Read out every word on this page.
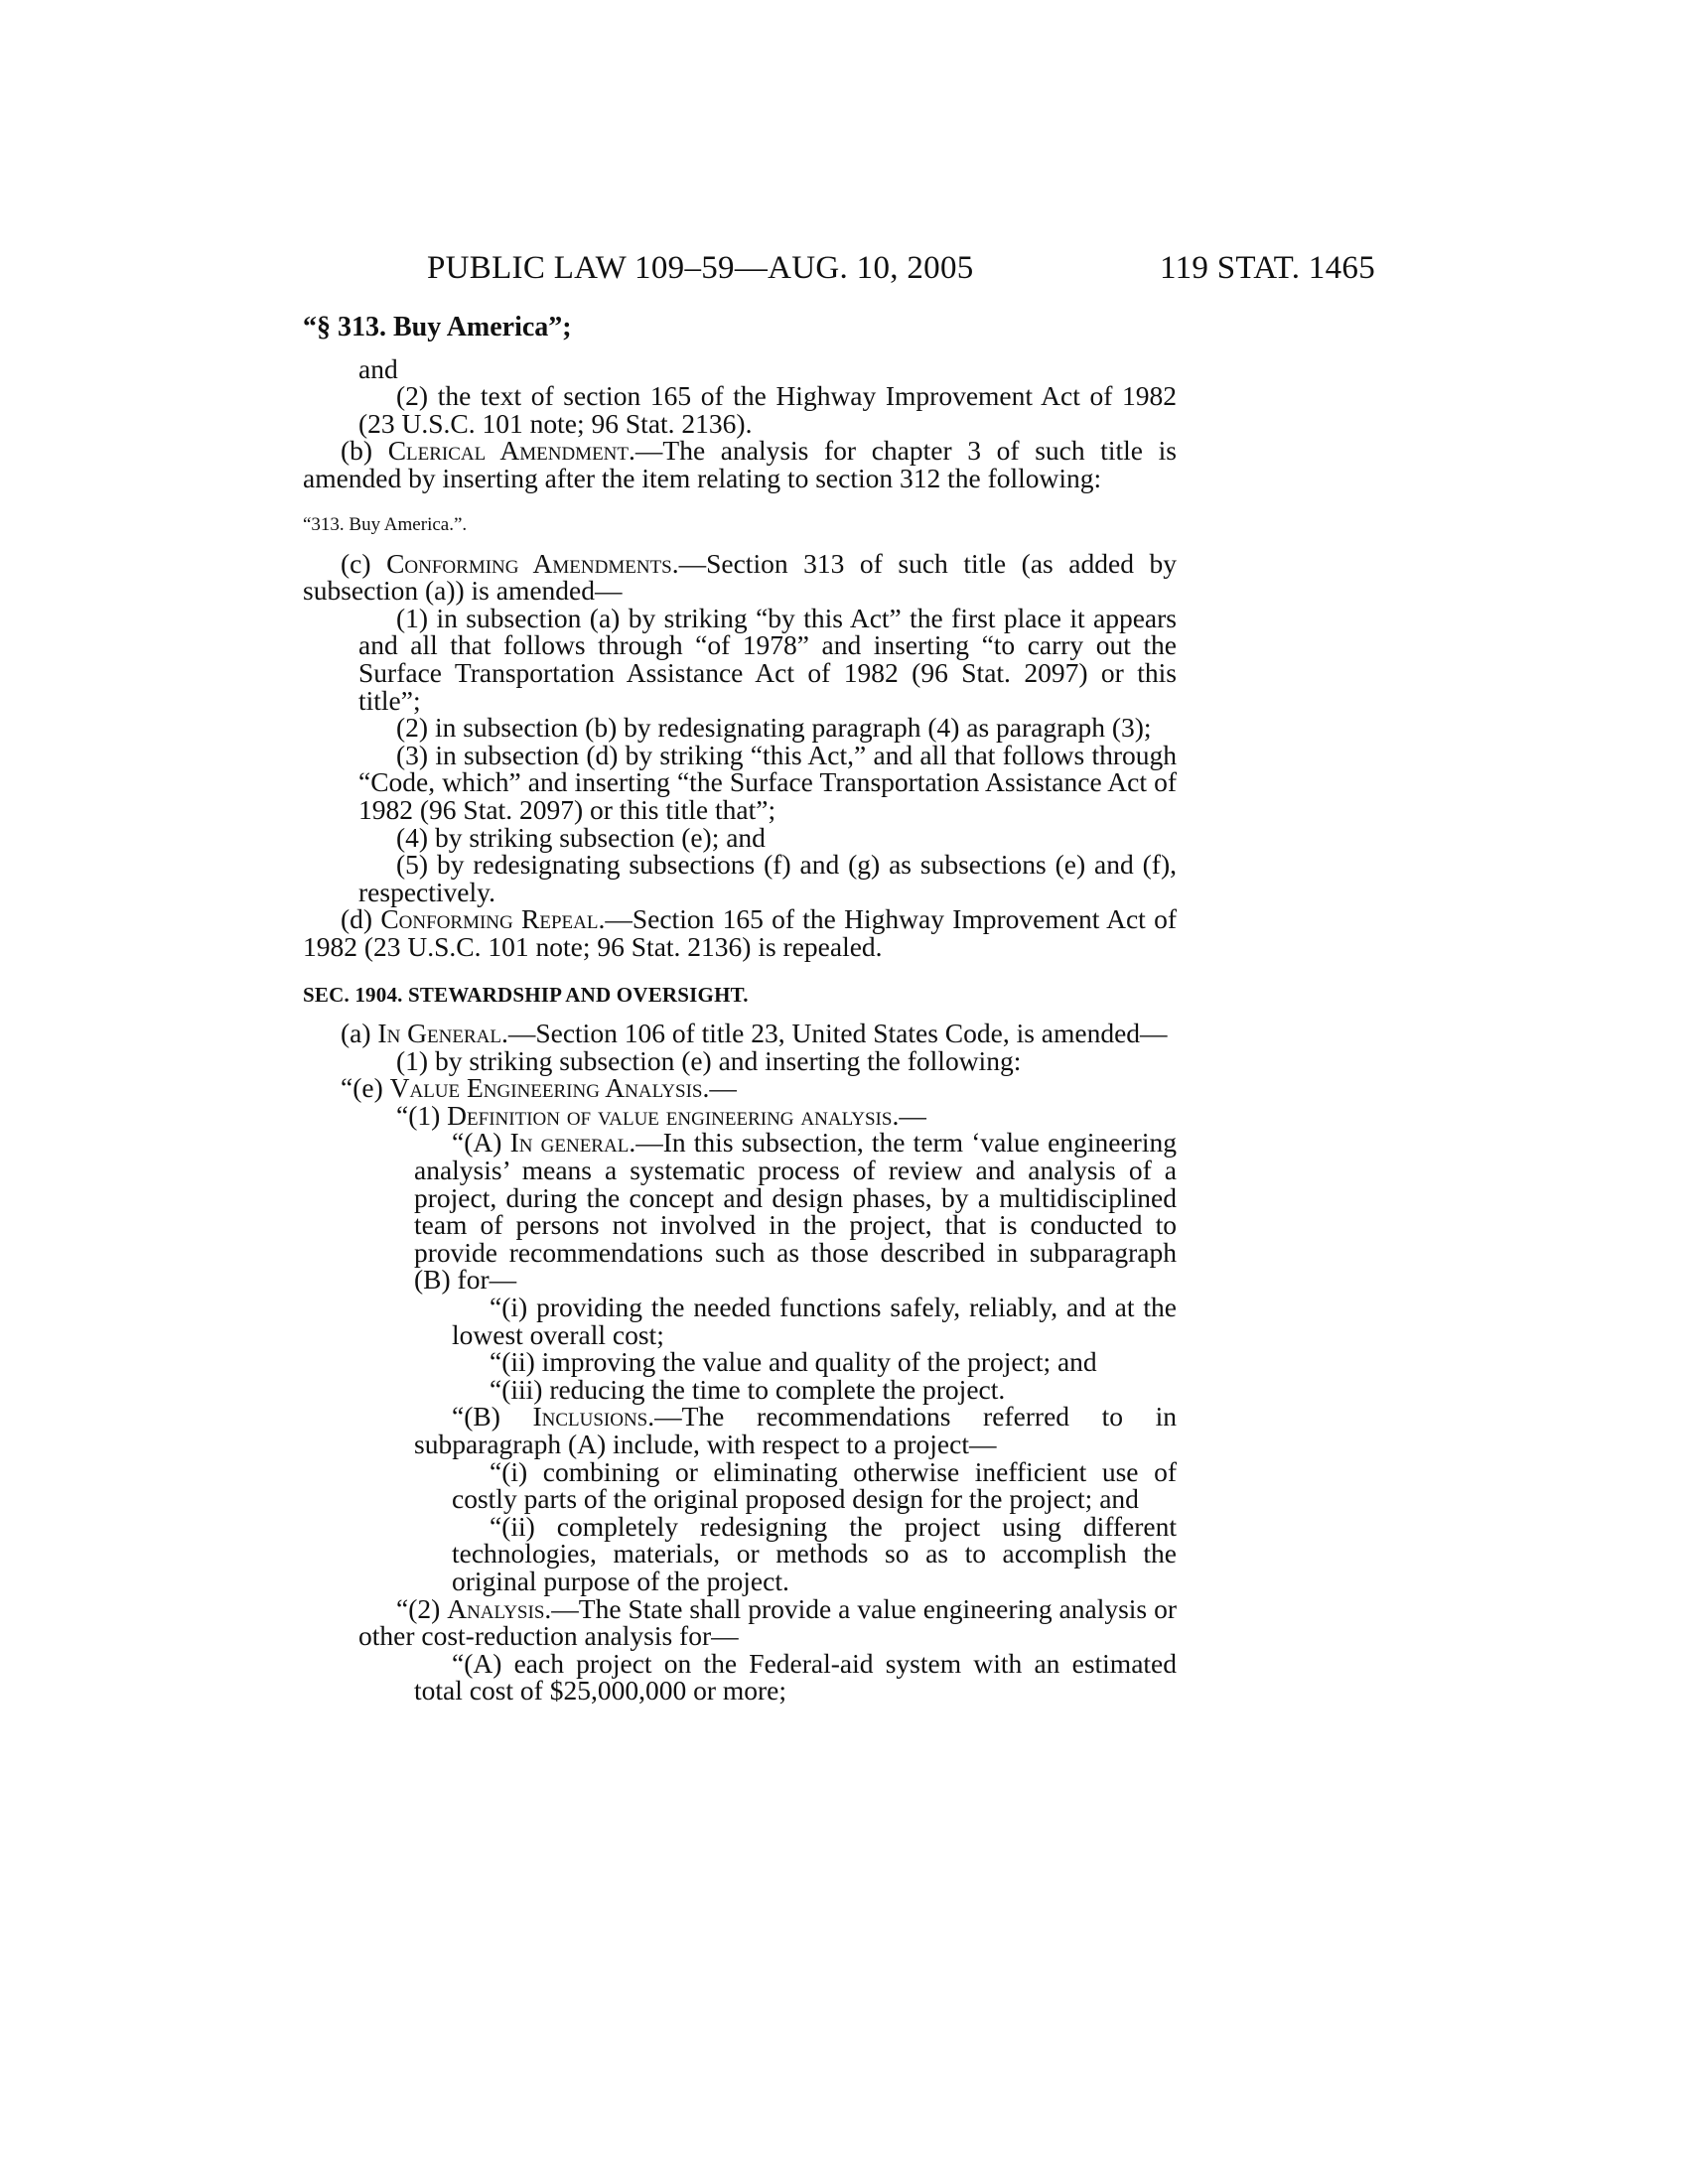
PUBLIC LAW 109–59—AUG. 10, 2005	119 STAT. 1465
“§ 313. Buy America”;
and
(2) the text of section 165 of the Highway Improvement Act of 1982 (23 U.S.C. 101 note; 96 Stat. 2136).
(b) Clerical Amendment.—The analysis for chapter 3 of such title is amended by inserting after the item relating to section 312 the following:
“313. Buy America.”.
(c) Conforming Amendments.—Section 313 of such title (as added by subsection (a)) is amended—
(1) in subsection (a) by striking “by this Act” the first place it appears and all that follows through “of 1978” and inserting “to carry out the Surface Transportation Assistance Act of 1982 (96 Stat. 2097) or this title”;
(2) in subsection (b) by redesignating paragraph (4) as paragraph (3);
(3) in subsection (d) by striking “this Act,” and all that follows through “Code, which” and inserting “the Surface Transportation Assistance Act of 1982 (96 Stat. 2097) or this title that”;
(4) by striking subsection (e); and
(5) by redesignating subsections (f) and (g) as subsections (e) and (f), respectively.
(d) Conforming Repeal.—Section 165 of the Highway Improvement Act of 1982 (23 U.S.C. 101 note; 96 Stat. 2136) is repealed.
SEC. 1904. STEWARDSHIP AND OVERSIGHT.
(a) In General.—Section 106 of title 23, United States Code, is amended—
(1) by striking subsection (e) and inserting the following:
“(e) Value Engineering Analysis.—
“(1) Definition of value engineering analysis.—
“(A) In general.—In this subsection, the term ‘value engineering analysis’ means a systematic process of review and analysis of a project, during the concept and design phases, by a multidisciplined team of persons not involved in the project, that is conducted to provide recommendations such as those described in subparagraph (B) for—
“(i) providing the needed functions safely, reliably, and at the lowest overall cost;
“(ii) improving the value and quality of the project; and
“(iii) reducing the time to complete the project.
“(B) Inclusions.—The recommendations referred to in subparagraph (A) include, with respect to a project—
“(i) combining or eliminating otherwise inefficient use of costly parts of the original proposed design for the project; and
“(ii) completely redesigning the project using different technologies, materials, or methods so as to accomplish the original purpose of the project.
“(2) Analysis.—The State shall provide a value engineering analysis or other cost-reduction analysis for—
“(A) each project on the Federal-aid system with an estimated total cost of $25,000,000 or more;
